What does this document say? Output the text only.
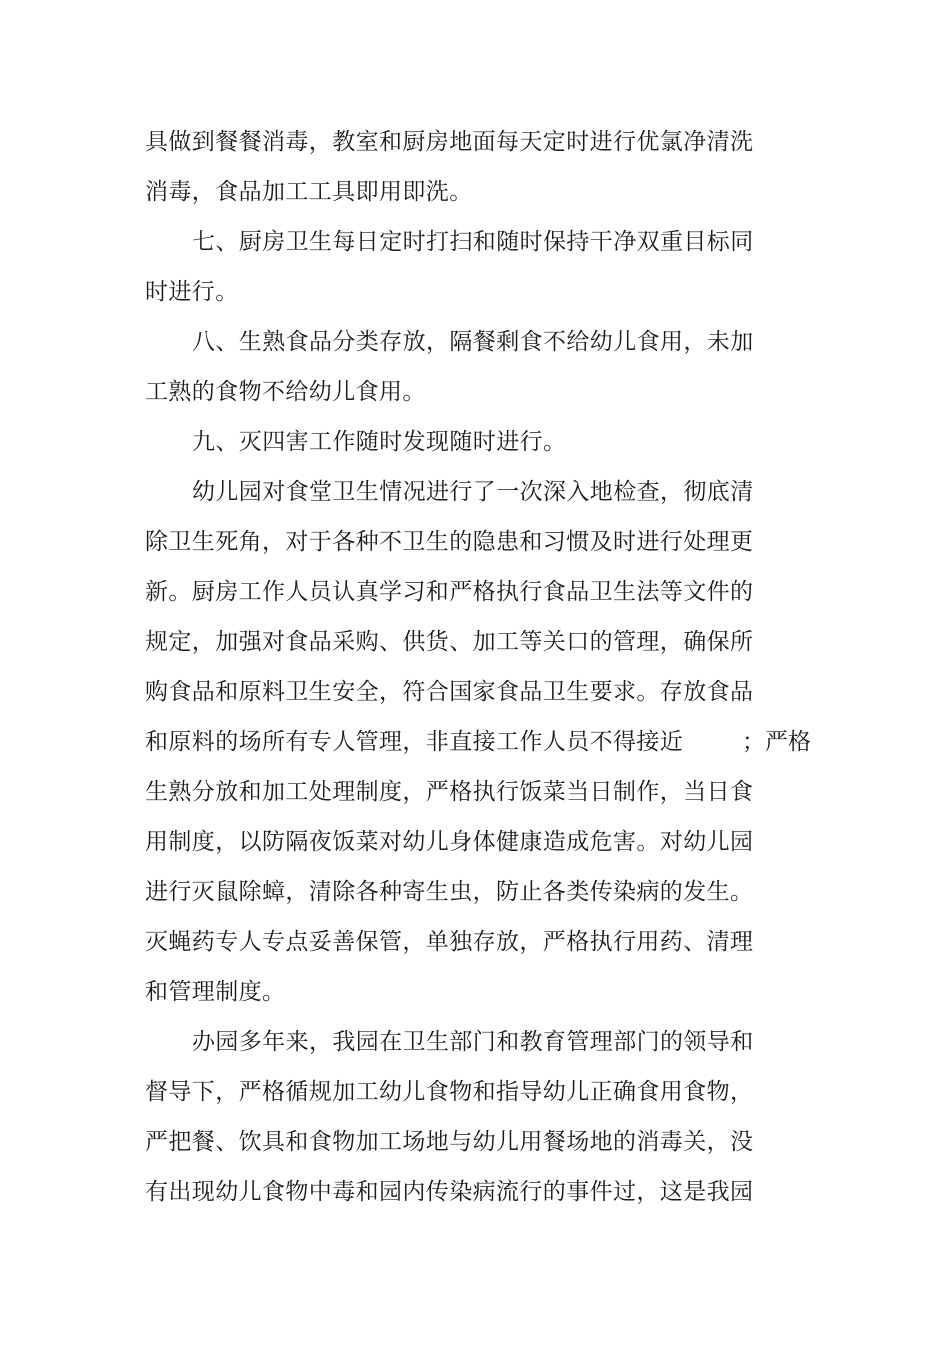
具做到餐餐消毒，教室和厨房地面每天定时进行优氯净清洗
消毒，食品加工工具即用即洗。
七、厨房卫生每日定时打扫和随时保持干净双重目标同
时进行。
八、生熟食品分类存放，隔餐剩食不给幼儿食用，未加
工熟的食物不给幼儿食用。
九、灭四害工作随时发现随时进行。
幼儿园对食堂卫生情况进行了一次深入地检查，彻底清
除卫生死角，对于各种不卫生的隐患和习惯及时进行处理更
新。厨房工作人员认真学习和严格执行食品卫生法等文件的
规定，加强对食品采购、供货、加工等关口的管理，确保所
购食品和原料卫生安全，符合国家食品卫生要求。存放食品
和原料的场所有专人管理，非直接工作人员不得接近	；严格
生熟分放和加工处理制度，严格执行饭菜当日制作，当日食
用制度，以防隔夜饭菜对幼儿身体健康造成危害。对幼儿园
进行灭鼠除蟑，清除各种寄生虫，防止各类传染病的发生。
灭蝇药专人专点妥善保管，单独存放，严格执行用药、清理
和管理制度。
办园多年来，我园在卫生部门和教育管理部门的领导和
督导下，严格循规加工幼儿食物和指导幼儿正确食用食物，
严把餐、饮具和食物加工场地与幼儿用餐场地的消毒关，没
有出现幼儿食物中毒和园内传染病流行的事件过，这是我园
